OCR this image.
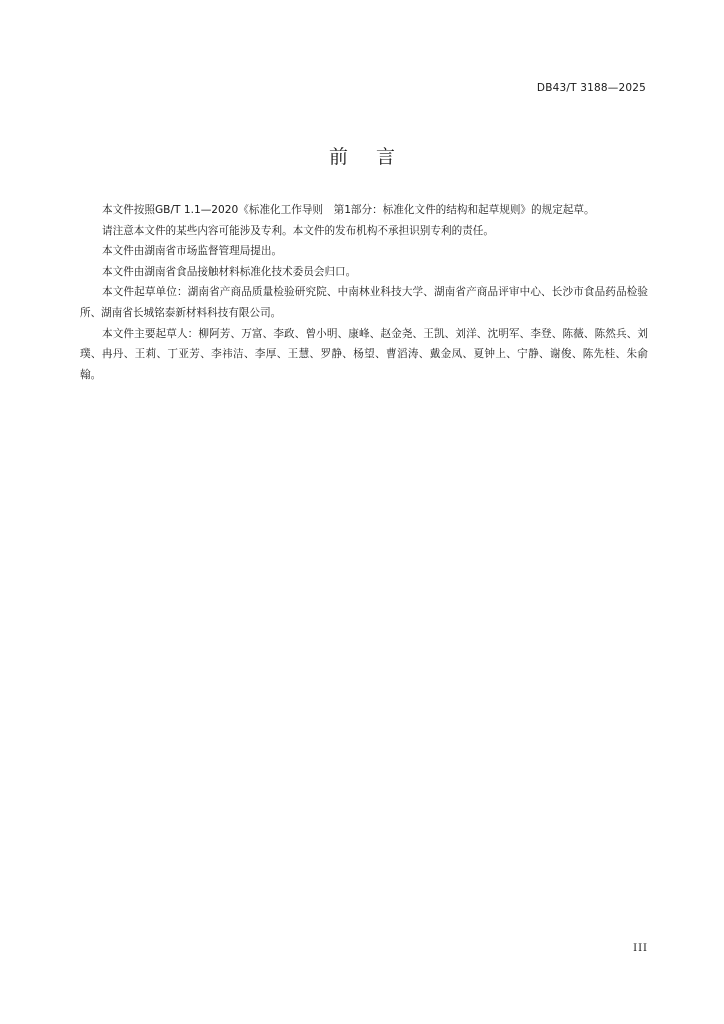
DB43/T 3188—2025
前言

本文件按照GB/T 1.1—2020《标准化工作导则　第1部分：标准化文件的结构和起草规则》的规定起草。

请注意本文件的某些内容可能涉及专利。本文件的发布机构不承担识别专利的责任。

本文件由湖南省市场监督管理局提出。

本文件由湖南省食品接触材料标准化技术委员会归口。

本文件起草单位：湖南省产商品质量检验研究院、中南林业科技大学、湖南省产商品评审中心、长沙市食品药品检验所、湖南省长城铭泰新材料科技有限公司。

本文件主要起草人：柳阿芳、万富、李政、曾小明、康峰、赵金尧、王凯、刘洋、沈明军、李登、陈薇、陈然兵、刘璞、冉丹、王莉、丁亚芳、李祎洁、李厚、王慧、罗静、杨望、曹滔涛、戴金凤、夏钟上、宁静、谢俊、陈先桂、朱俞翰。

III
